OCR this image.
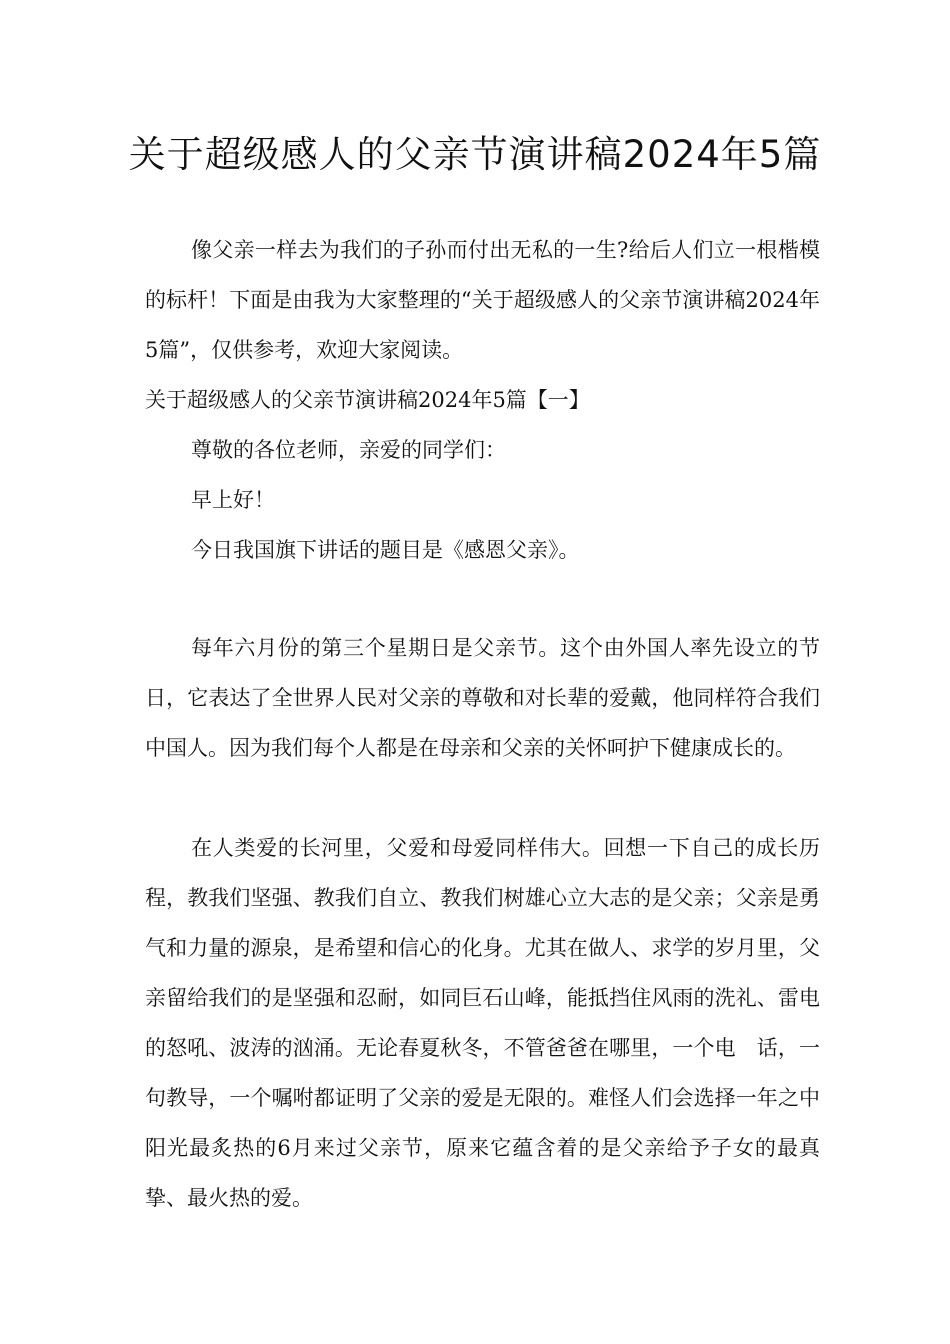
关于超级感人的父亲节演讲稿2024年5篇

像父亲一样去为我们的子孙而付出无私的一生?给后人们立一根楷模的标杆！下面是由我为大家整理的“关于超级感人的父亲节演讲稿2024年5篇”，仅供参考，欢迎大家阅读。

关于超级感人的父亲节演讲稿2024年5篇【一】

尊敬的各位老师，亲爱的同学们：

早上好！

今日我国旗下讲话的题目是《感恩父亲》。

每年六月份的第三个星期日是父亲节。这个由外国人率先设立的节日，它表达了全世界人民对父亲的尊敬和对长辈的爱戴，他同样符合我们中国人。因为我们每个人都是在母亲和父亲的关怀呵护下健康成长的。

在人类爱的长河里，父爱和母爱同样伟大。回想一下自己的成长历程，教我们坚强、教我们自立、教我们树雄心立大志的是父亲；父亲是勇气和力量的源泉，是希望和信心的化身。尤其在做人、求学的岁月里，父亲留给我们的是坚强和忍耐，如同巨石山峰，能抵挡住风雨的洗礼、雷电的怒吼、波涛的汹涌。无论春夏秋冬，不管爸爸在哪里，一个电　话，一句教导，一个嘱咐都证明了父亲的爱是无限的。难怪人们会选择一年之中阳光最炙热的6月来过父亲节，原来它蕴含着的是父亲给予子女的最真挚、最火热的爱。
